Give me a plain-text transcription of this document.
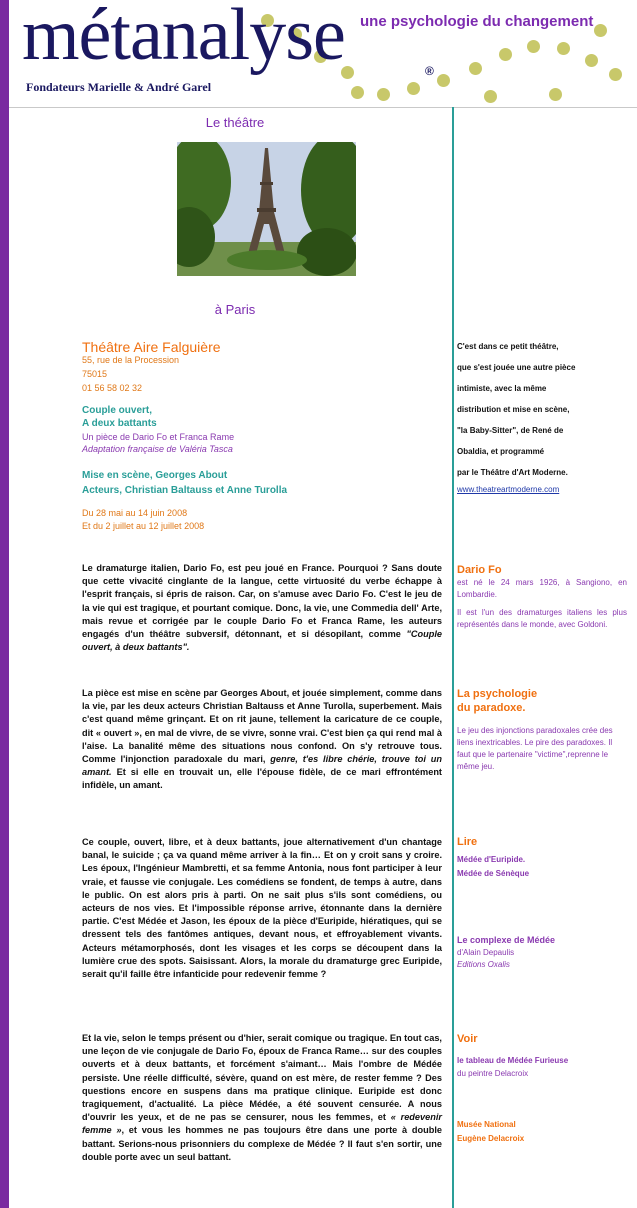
métanalyse	®
Fondateurs Marielle & André Garel
une psychologie du changement
Le théâtre
à Paris
Théâtre Aire Falguière
55, rue de la Procession
75015
01 56 58 02 32
Couple ouvert,
A deux battants
Un pièce de Dario Fo et Franca Rame
Adaptation française de Valéria Tasca
Mise en scène, Georges About
Acteurs, Christian Baltauss et Anne Turolla
Du 28 mai au 14 juin 2008
Et du 2 juillet au 12 juillet 2008
Le dramaturge italien, Dario Fo, est peu joué en France. Pourquoi ? Sans doute que cette vivacité cinglante de la langue, cette virtuosité du verbe échappe à l'esprit français, si épris de raison. Car, on s'amuse avec Dario Fo. C'est le jeu de la vie qui est tragique, et pourtant comique. Donc, la vie, une Commedia dell' Arte, mais revue et corrigée par le couple Dario Fo et Franca Rame, les auteurs engagés d'un théâtre subversif, détonnant, et si désopilant, comme "Couple ouvert, à deux battants".
La pièce est mise en scène par Georges About, et jouée simplement, comme dans la vie, par les deux acteurs Christian Baltauss et Anne Turolla, superbement. Mais c'est quand même grinçant. Et on rit jaune, tellement la caricature de ce couple, dit « ouvert », en mal de vivre, de se vivre, sonne vrai. C'est bien ça qui rend mal à l'aise. La banalité même des situations nous confond. On s'y retrouve tous. Comme l'injonction paradoxale du mari, genre, t'es libre chérie, trouve toi un amant. Et si elle en trouvait un, elle l'épouse fidèle, de ce mari effrontément infidèle, un amant.
Ce couple, ouvert, libre, et à deux battants, joue alternativement d'un chantage banal, le suicide ; ça va quand même arriver à la fin… Et on y croit sans y croire. Les époux, l'Ingénieur Mambretti, et sa femme Antonia, nous font participer à leur vraie, et fausse vie conjugale. Les comédiens se fondent, de temps à autre, dans le public. On est alors pris à parti. On ne sait plus s'ils sont comédiens, ou acteurs de nos vies. Et l'impossible réponse arrive, étonnante dans la dernière partie. C'est Médée et Jason, les époux de la pièce d'Euripide, hiératiques, qui se dressent tels des fantômes antiques, devant nous, et effroyablement vivants. Acteurs métamorphosés, dont les visages et les corps se découpent dans la lumière crue des spots. Saisissant. Alors, la morale du dramaturge grec Euripide, serait qu'il faille être infanticide pour redevenir femme ?
Et la vie, selon le temps présent ou d'hier, serait comique ou tragique. En tout cas, une leçon de vie conjugale de Dario Fo, époux de Franca Rame… sur des couples ouverts et à deux battants, et forcément s'aimant… Mais l'ombre de Médée persiste. Une réelle difficulté, sévère, quand on est mère, de rester femme ? Des questions encore en suspens dans ma pratique clinique. Euripide est donc tragiquement, d'actualité. La pièce Médée, a été souvent censurée. A nous d'ouvrir les yeux, et de ne pas se censurer, nous les femmes, et « redevenir femme », et vous les hommes ne pas toujours être dans une porte à double battant. Serions-nous prisonniers du complexe de Médée ? Il faut s'en sortir, une double porte avec un seul battant.
C'est dans ce petit théâtre,
que s'est jouée une autre pièce
intimiste, avec la même
distribution et mise en scène,
"la Baby-Sitter", de René de
Obaldia, et programmé
par le Théâtre d'Art Moderne.
www.theatreartmoderne.com
Dario Fo
est né le 24 mars 1926, à Sangiono, en Lombardie.
Il est l'un des dramaturges italiens les plus représentés dans le monde, avec Goldoni.
La psychologie
du paradoxe.
Le jeu des injonctions paradoxales crée des liens inextricables. Le pire des paradoxes. Il faut que le partenaire "victime",reprenne le même jeu.
Lire
Médée d'Euripide.
Médée de Sénèque
Le complexe de Médée
d'Alain Depaulis
Editions Oxalis
Voir
le tableau de Médée Furieuse
du peintre Delacroix
Musée National
Eugène Delacroix
